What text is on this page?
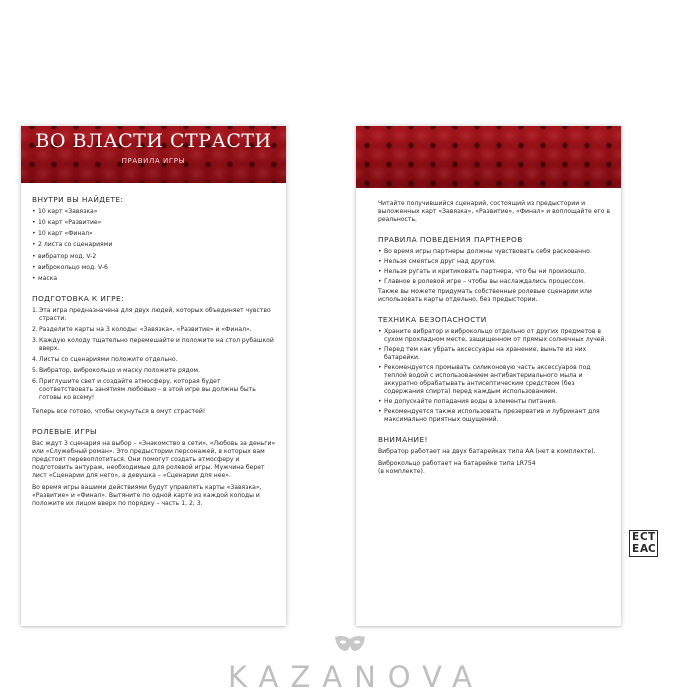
ВО ВЛАСТИ СТРАСТИ
ПРАВИЛА ИГРЫ
ВНУТРИ ВЫ НАЙДЕТЕ:
• 10 карт «Завязка»
• 10 карт «Развитие»
• 10 карт «Финал»
• 2 листа со сценариями
• вибратор мод. V-2
• виброкольцо мод. V-6
• маска
ПОДГОТОВКА К ИГРЕ:
1. Эта игра предназначена для двух людей, которых объединяет чувство страсти.
2. Разделите карты на 3 колоды: «Завязка», «Развитие» и «Финал».
3. Каждую колоду тщательно перемешайте и положите на стол рубашкой вверх.
4. Листы со сценариями положите отдельно.
5. Вибратор, виброкольцо и маску положите рядом.
6. Приглушите свет и создайте атмосферу, которая будет соответствовать занятиям любовью – в этой игре вы должны быть готовы ко всему!
Теперь все готово, чтобы окунуться в омут страстей!
РОЛЕВЫЕ ИГРЫ
Вас ждут 3 сценария на выбор – «Знакомство в сети», «Любовь за деньги» или «Служебный роман». Это предыстории персонажей, в которых вам предстоит перевоплотиться. Они помогут создать атмосферу и подготовить антураж, необходимые для ролевой игры. Мужчина берет лист «Сценарии для него», а девушка – «Сценарии для нее».
Во время игры вашими действиями будут управлять карты «Завязка», «Развитие» и «Финал». Вытяните по одной карте из каждой колоды и положите их лицом вверх по порядку – часть 1, 2, 3.
Читайте получившийся сценарий, состоящий из предыстории и выложенных карт «Завязка», «Развитие», «Финал» и воплощайте его в реальность.
ПРАВИЛА ПОВЕДЕНИЯ ПАРТНЕРОВ
• Во время игры партнеры должны чувствовать себя раскованно.
• Нельзя смеяться друг над другом.
• Нельзя ругать и критиковать партнера, что бы ни произошло.
• Главное в ролевой игре – чтобы вы наслаждались процессом.
Также вы можете придумать собственные ролевые сценарии или использовать карты отдельно, без предыстории.
ТЕХНИКА БЕЗОПАСНОСТИ
• Храните вибратор и виброкольцо отдельно от других предметов в сухом прохладном месте, защищенном от прямых солнечных лучей.
• Перед тем как убрать аксессуары на хранение, выньте из них батарейки.
• Рекомендуется промывать силиконовую часть аксессуаров под теплой водой с использованием антибактериального мыла и аккуратно обрабатывать антисептическим средством (без содержания спирта) перед каждым использованием.
• Не допускайте попадания воды в элементы питания.
• Рекомендуется также использовать презерватив и лубрикант для максимально приятных ощущений.
ВНИМАНИЕ!
Вибратор работает на двух батарейках типа АА (нет в комплекте).
Виброкольцо работает на батарейке типа LR754 (в комплекте).
Е С Т
Е А С
KAZANOVA
